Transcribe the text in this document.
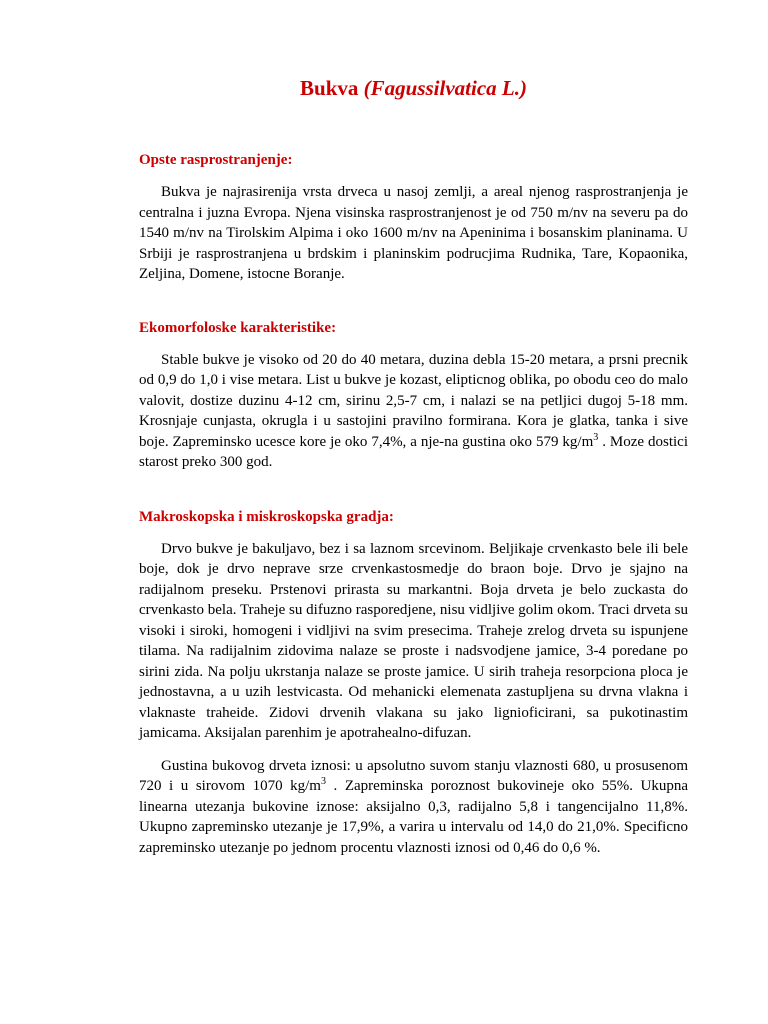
Bukva (Fagussilvatica L.)
Opste rasprostranjenje:

Bukva je najrasirenija vrsta drveca u nasoj zemlji, a areal njenog rasprostranjenja je centralna i juzna Evropa. Njena visinska rasprostranjenost je od 750 m/nv na severu pa do 1540 m/nv na Tirolskim Alpima i oko 1600 m/nv na Apeninima i bosanskim planinama. U Srbiji je rasprostranjena u brdskim i planinskim podrucjima Rudnika, Tare, Kopaonika, Zeljina, Domene, istocne Boranje.

Ekomorfoloske karakteristike:

Stable bukve je visoko od 20 do 40 metara, duzina debla 15-20 metara, a prsni precnik od 0,9 do 1,0 i vise metara. List u bukve je kozast, elipticnog oblika, po obodu ceo do malo valovit, dostize duzinu 4-12 cm, sirinu 2,5-7 cm, i nalazi se na petljici dugoj 5-18 mm. Krosnjaje cunjasta, okrugla i u sastojini pravilno formirana. Kora je glatka, tanka i sive boje. Zapreminsko ucesce kore je oko 7,4%, a nje-na gustina oko 579 $kg/m^3$ . Moze dostici starost preko 300 god.

Makroskopska i miskroskopska gradja:

Drvo bukve je bakuljavo, bez i sa laznom srcevinom. Beljikaje crvenkasto bele ili bele boje, dok je drvo neprave srze crvenkastosmedje do braon boje. Drvo je sjajno na radijalnom preseku. Prstenovi prirasta su markantni. Boja drveta je belo zuckasta do crvenkasto bela. Traheje su difuzno rasporedjene, nisu vidljive golim okom. Traci drveta su visoki i siroki, homogeni i vidljivi na svim presecima. Traheje zrelog drveta su ispunjene tilama. Na radijalnim zidovima nalaze se proste i nadsvodjene jamice, 3-4 poredane po sirini zida. Na polju ukrstanja nalaze se proste jamice. U sirih traheja resorpciona ploca je jednostavna, a u uzih lestvicasta. Od mehanicki elemenata zastupljena su drvna vlakna i vlaknaste traheide. Zidovi drvenih vlakana su jako lignioficirani, sa pukotinastim jamicama. Aksijalan parenhim je apotrahealno-difuzan.

Gustina bukovog drveta iznosi: u apsolutno suvom stanju vlaznosti 680, u prosusenom 720 i u sirovom 1070 $kg/m^3$ . Zapreminska poroznost bukovineje oko 55%. Ukupna linearna utezanja bukovine iznose: aksijalno 0,3, radijalno 5,8 i tangencijalno 11,8%. Ukupno zapreminsko utezanje je 17,9%, a varira u intervalu od 14,0 do 21,0%. Specificno zapreminsko utezanje po jednom procentu vlaznosti iznosi od 0,46 do 0,6 %.
